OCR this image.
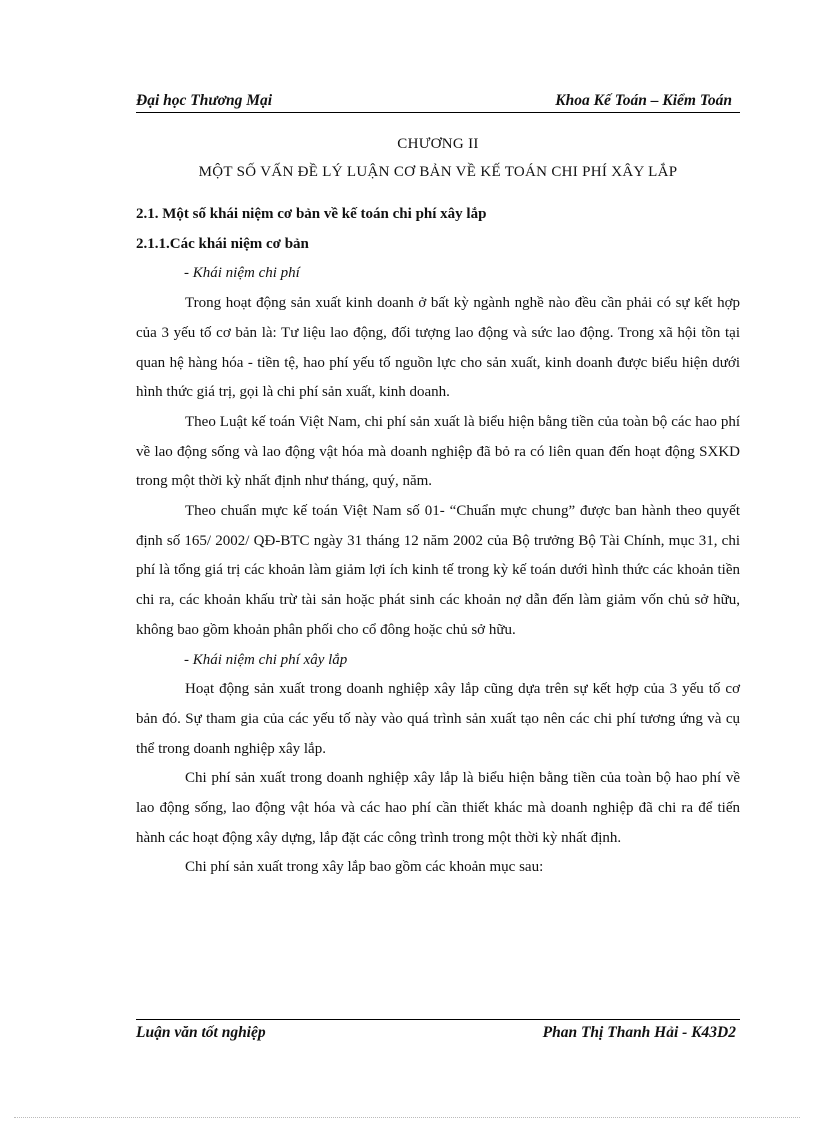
Đại học Thương Mại	Khoa Kế Toán – Kiểm Toán
CHƯƠNG II
MỘT SỐ VẤN ĐỀ LÝ LUẬN CƠ BẢN VỀ KẾ TOÁN CHI PHÍ XÂY LẮP

2.1. Một số khái niệm cơ bản về kế toán chi phí xây lắp

2.1.1.Các khái niệm cơ bản

- Khái niệm chi phí

Trong hoạt động sản xuất kinh doanh ở bất kỳ ngành nghề nào đều cần phải có sự kết hợp của 3 yếu tố cơ bản là: Tư liệu lao động, đối tượng lao động và sức lao động. Trong xã hội tồn tại quan hệ hàng hóa - tiền tệ, hao phí yếu tố nguồn lực cho sản xuất, kinh doanh được biểu hiện dưới hình thức giá trị, gọi là chi phí sản xuất, kinh doanh.

Theo Luật kế toán Việt Nam, chi phí sản xuất là biểu hiện bằng tiền của toàn bộ các hao phí về lao động sống và lao động vật hóa mà doanh nghiệp đã bỏ ra có liên quan đến hoạt động SXKD trong một thời kỳ nhất định như tháng, quý, năm.

Theo chuẩn mực kế toán Việt Nam số 01- “Chuẩn mực chung” được ban hành theo quyết định số 165/ 2002/ QĐ-BTC ngày 31 tháng 12 năm 2002 của Bộ trưởng Bộ Tài Chính, mục 31, chi phí là tổng giá trị các khoản làm giảm lợi ích kinh tế trong kỳ kế toán dưới hình thức các khoản tiền chi ra, các khoản khấu trừ tài sản hoặc phát sinh các khoản nợ dẫn đến làm giảm vốn chủ sở hữu, không bao gồm khoản phân phối cho cổ đông hoặc chủ sở hữu.

- Khái niệm chi phí xây lắp

Hoạt động sản xuất trong doanh nghiệp xây lắp cũng dựa trên sự kết hợp của 3 yếu tố cơ bản đó. Sự tham gia của các yếu tố này vào quá trình sản xuất tạo nên các chi phí tương ứng và cụ thể trong doanh nghiệp xây lắp.

Chi phí sản xuất trong doanh nghiệp xây lắp là biểu hiện bằng tiền của toàn bộ hao phí về lao động sống, lao động vật hóa và các hao phí cần thiết khác mà doanh nghiệp đã chi ra để tiến hành các hoạt động xây dựng, lắp đặt các công trình trong một thời kỳ nhất định.

Chi phí sản xuất trong xây lắp bao gồm các khoản mục sau:

Luận văn tốt nghiệp	Phan Thị Thanh Hải - K43D2
